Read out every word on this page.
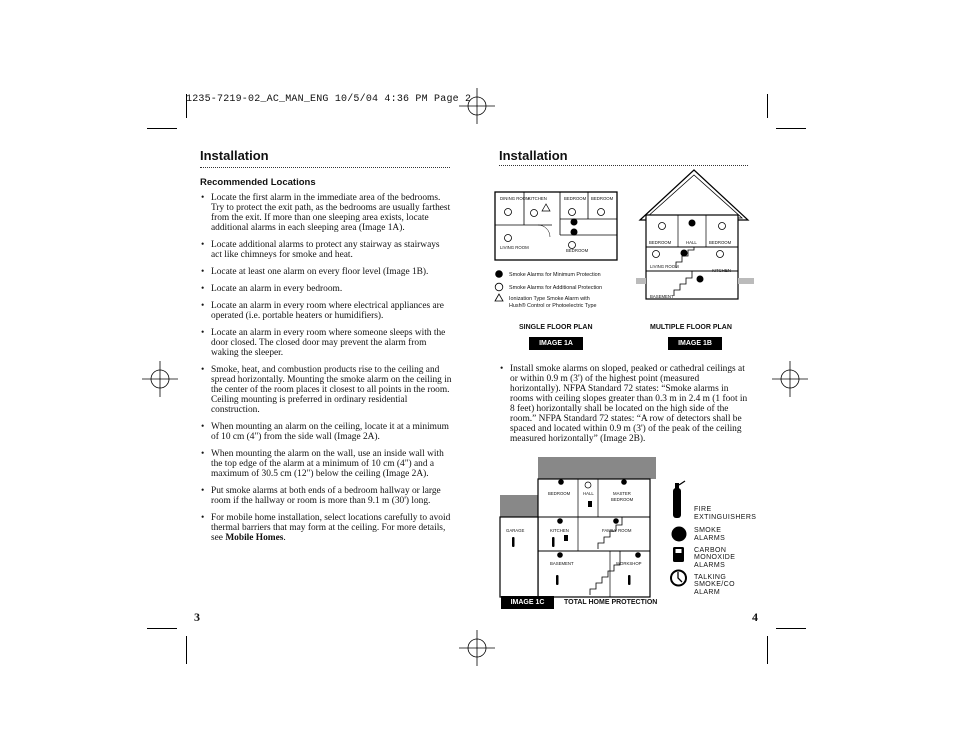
1235-7219-02_AC_MAN_ENG 10/5/04 4:36 PM Page 2
Installation
Recommended Locations
• Locate the first alarm in the immediate area of the bedrooms. Try to protect the exit path, as the bedrooms are usually farthest from the exit. If more than one sleeping area exists, locate additional alarms in each sleeping area (Image 1A).
• Locate additional alarms to protect any stairway as stairways act like chimneys for smoke and heat.
• Locate at least one alarm on every floor level (Image 1B).
• Locate an alarm in every bedroom.
• Locate an alarm in every room where electrical appliances are operated (i.e. portable heaters or humidifiers).
• Locate an alarm in every room where someone sleeps with the door closed. The closed door may prevent the alarm from waking the sleeper.
• Smoke, heat, and combustion products rise to the ceiling and spread horizontally. Mounting the smoke alarm on the ceiling in the center of the room places it closest to all points in the room. Ceiling mounting is preferred in ordinary residential construction.
• When mounting an alarm on the ceiling, locate it at a minimum of 10 cm (4") from the side wall (Image 2A).
• When mounting the alarm on the wall, use an inside wall with the top edge of the alarm at a minimum of 10 cm (4") and a maximum of 30.5 cm (12") below the ceiling (Image 2A).
• Put smoke alarms at both ends of a bedroom hallway or large room if the hallway or room is more than 9.1 m (30') long.
• For mobile home installation, select locations carefully to avoid thermal barriers that may form at the ceiling. For more details, see Mobile Homes.
3
Installation
DINING ROOM
KITCHEN	BEDROOM BEDROOM
LIVING ROOM
BEDROOM
Smoke Alarms for Minimum Protection
Smoke Alarms for Additional Protection
Ionization Type Smoke Alarm with
Hush® Control or Photoelectric Type
BEDROOM	HALL	BEDROOM
LIVING ROOM
KITCHEN
BASEMENT
SINGLE FLOOR PLAN	MULTIPLE FLOOR PLAN
IMAGE 1A	IMAGE 1B
• Install smoke alarms on sloped, peaked or cathedral ceilings at or within 0.9 m (3') of the highest point (measured horizontally). NFPA Standard 72 states: “Smoke alarms in rooms with ceiling slopes greater than 0.3 m in 2.4 m (1 foot in 8 feet) horizontally shall be located on the high side of the room.” NFPA Standard 72 states: “A row of detectors shall be spaced and located within 0.9 m (3') of the peak of the ceiling measured horizontally” (Image 2B).
BEDROOM	HALL	MASTER
BEDROOM
GARAGE	KITCHEN	FAMILY ROOM
BASEMENT	WORKSHOP
FIRE
EXTINGUISHERS
SMOKE
ALARMS
CARBON
MONOXIDE
ALARMS
TALKING
SMOKE/CO
ALARM
IMAGE 1C	TOTAL HOME PROTECTION
4
